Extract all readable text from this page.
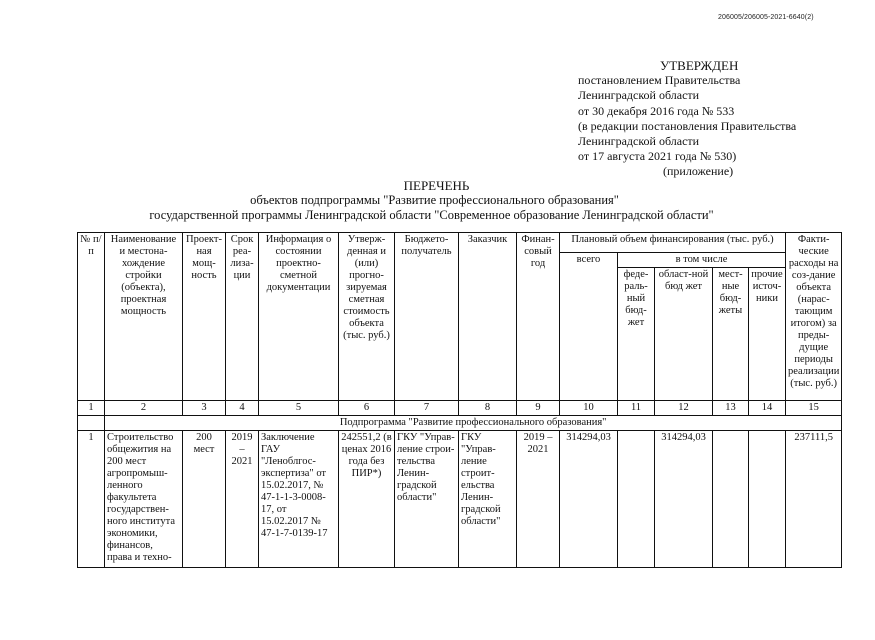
206005/206005-2021-6640(2)
УТВЕРЖДЕН
постановлением Правительства
Ленинградской области
от 30 декабря 2016 года № 533
(в редакции постановления Правительства
Ленинградской области
от 17 августа 2021 года № 530)
(приложение)
ПЕРЕЧЕНЬ
объектов подпрограммы "Развитие профессионального образования"
государственной программы Ленинградской области "Современное образование Ленинградской области"
№ п/п	Наименование и местона-хождение стройки (объекта), проектная мощность	Проект-ная мощ-ность	Срок реа-лиза-ции	Информация о состоянии проектно-сметной документации	Утверж-денная и (или) прогно-зируемая сметная стоимость объекта (тыс. руб.)	Бюджето-получатель	Заказчик	Финан-совый год	Плановый объем финансирования (тыс. руб.)					Факти-ческие расходы на соз-дание объекта (нарас-тающим итогом) за преды-дущие периоды реализации (тыс. руб.)
									всего	в том числе				
										феде-раль-ный бюд-жет	област-ной бюд жет	мест-ные бюд-жеты	прочие источ-ники	
1	2	3	4	5	6	7	8	9	10	11	12	13	14	15
	Подпрограмма "Развитие профессионального образования"													
1	Строительство общежития на 200 мест агропромыш-ленного факультета государствен-ного института экономики, финансов, права и техно-	200 мест	2019 – 2021	Заключение ГАУ "Леноблгос-экспертиза" от 15.02.2017, № 47-1-1-3-0008-17, от 15.02.2017 № 47-1-7-0139-17	242551,2 (в ценах 2016 года без ПИР*)	ГКУ "Управ-ление строи-тельства Ленин-градской области"	ГКУ "Управ-ление строит-ельства Ленин-градской области"	2019 – 2021	314294,03		314294,03			237111,5
